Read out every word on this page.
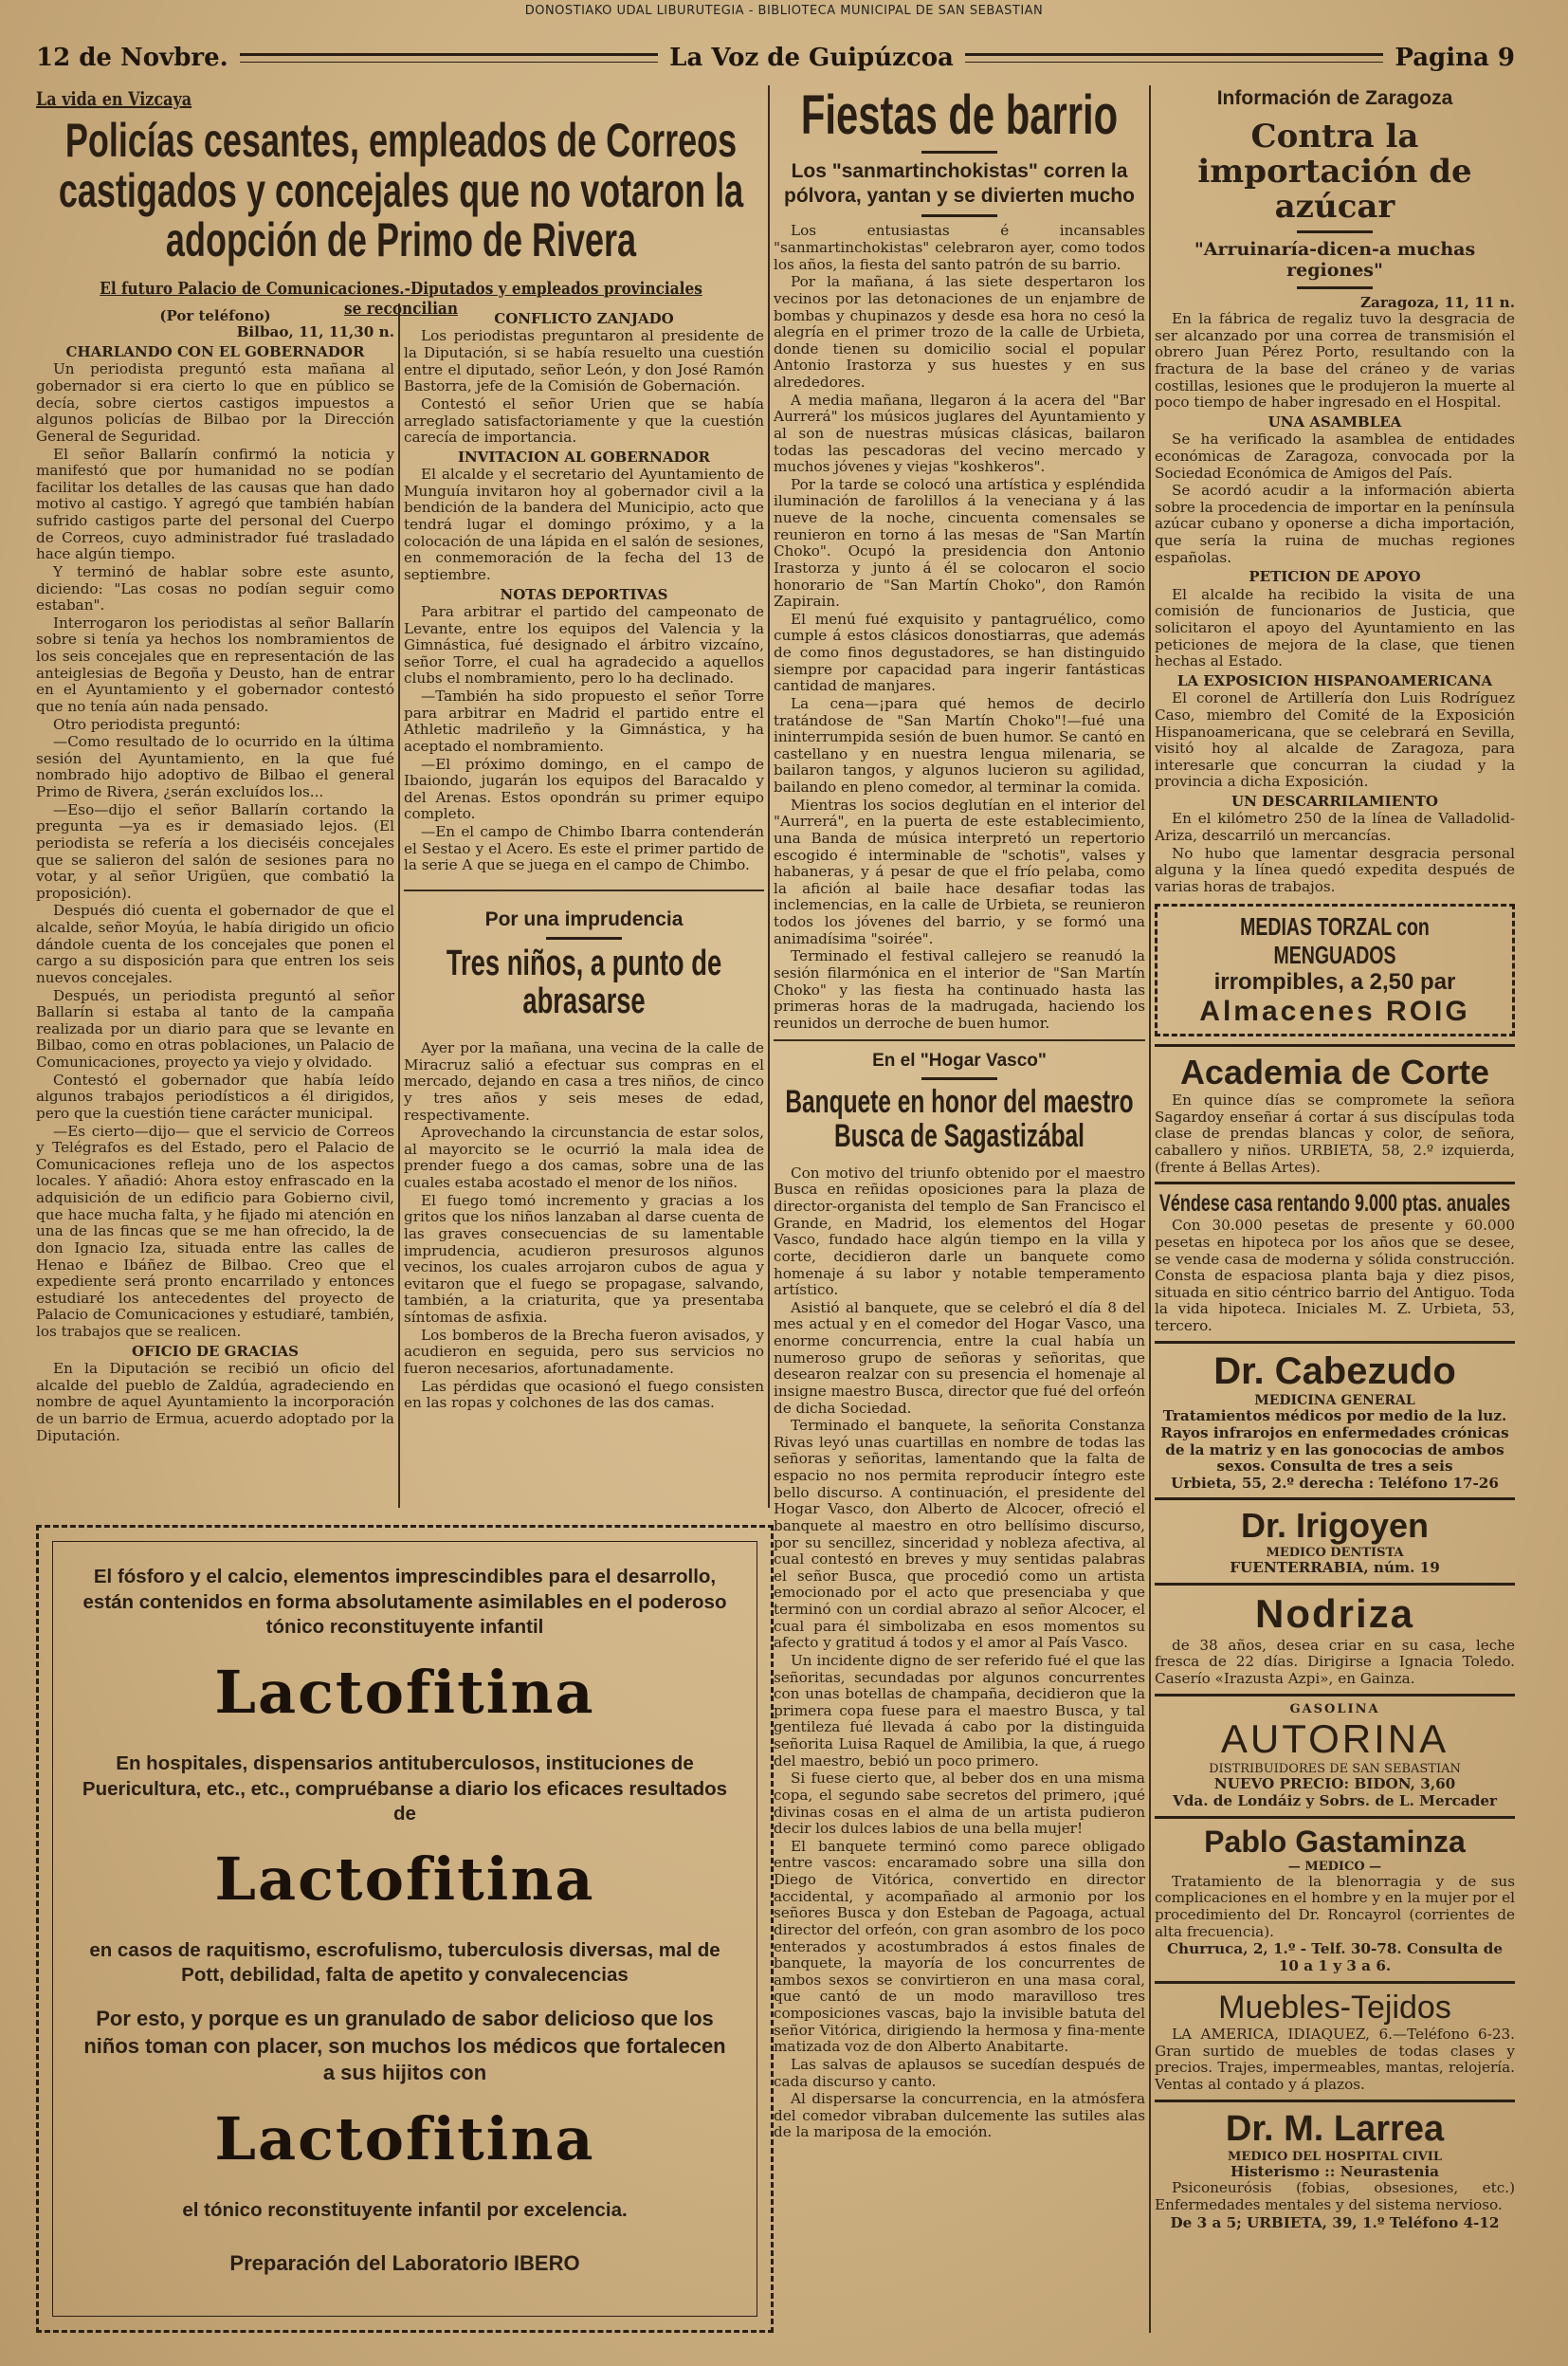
DONOSTIAKO UDAL LIBURUTEGIA - BIBLIOTECA MUNICIPAL DE SAN SEBASTIAN
12 de Novbre.	La Voz de Guipúzcoa	Pagina 9
La vida en Vizcaya
Policías cesantes, empleados de Correos castigados y concejales que no votaron la adopción de Primo de Rivera
El futuro Palacio de Comunicaciones.-Diputados y empleados provinciales se reconcilian
(Por teléfono)
Bilbao, 11, 11,30 n.
CHARLANDO CON EL GOBERNADOR

Un periodista preguntó esta mañana al gobernador si era cierto lo que en público se decía, sobre ciertos castigos impuestos a algunos policías de Bilbao por la Dirección General de Seguridad.

El señor Ballarín confirmó la noticia y manifestó que por humanidad no se podían facilitar los detalles de las causas que han dado motivo al castigo. Y agregó que también habían sufrido castigos parte del personal del Cuerpo de Correos, cuyo administrador fué trasladado hace algún tiempo.

Y terminó de hablar sobre este asunto, diciendo: "Las cosas no podían seguir como estaban".

Interrogaron los periodistas al señor Ballarín sobre si tenía ya hechos los nombramientos de los seis concejales que en representación de las anteiglesias de Begoña y Deusto, han de entrar en el Ayuntamiento y el gobernador contestó que no tenía aún nada pensado.

Otro periodista preguntó:

—Como resultado de lo ocurrido en la última sesión del Ayuntamiento, en la que fué nombrado hijo adoptivo de Bilbao el general Primo de Rivera, ¿serán excluídos los...

—Eso—dijo el señor Ballarín cortando la pregunta —ya es ir demasiado lejos. (El periodista se refería a los dieciséis concejales que se salieron del salón de sesiones para no votar, y al señor Urigüen, que combatió la proposición).

Después dió cuenta el gobernador de que el alcalde, señor Moyúa, le había dirigido un oficio dándole cuenta de los concejales que ponen el cargo a su disposición para que entren los seis nuevos concejales.

Después, un periodista preguntó al señor Ballarín si estaba al tanto de la campaña realizada por un diario para que se levante en Bilbao, como en otras poblaciones, un Palacio de Comunicaciones, proyecto ya viejo y olvidado.

Contestó el gobernador que había leído algunos trabajos periodísticos a él dirigidos, pero que la cuestión tiene carácter municipal.

—Es cierto—dijo— que el servicio de Correos y Telégrafos es del Estado, pero el Palacio de Comunicaciones refleja uno de los aspectos locales. Y añadió: Ahora estoy enfrascado en la adquisición de un edificio para Gobierno civil, que hace mucha falta, y he fijado mi atención en una de las fincas que se me han ofrecido, la de don Ignacio Iza, situada entre las calles de Henao e Ibáñez de Bilbao. Creo que el expediente será pronto encarrilado y entonces estudiaré los antecedentes del proyecto de Palacio de Comunicaciones y estudiaré, también, los trabajos que se realicen.

OFICIO DE GRACIAS

En la Diputación se recibió un oficio del alcalde del pueblo de Zaldúa, agradeciendo en nombre de aquel Ayuntamiento la incorporación de un barrio de Ermua, acuerdo adoptado por la Diputación.

CONFLICTO ZANJADO

Los periodistas preguntaron al presidente de la Diputación, si se había resuelto una cuestión entre el diputado, señor León, y don José Ramón Bastorra, jefe de la Comisión de Gobernación.

Contestó el señor Urien que se había arreglado satisfactoriamente y que la cuestión carecía de importancia.

INVITACION AL GOBERNADOR

El alcalde y el secretario del Ayuntamiento de Munguía invitaron hoy al gobernador civil a la bendición de la bandera del Municipio, acto que tendrá lugar el domingo próximo, y a la colocación de una lápida en el salón de sesiones, en conmemoración de la fecha del 13 de septiembre.

NOTAS DEPORTIVAS

Para arbitrar el partido del campeonato de Levante, entre los equipos del Valencia y la Gimnástica, fué designado el árbitro vizcaíno, señor Torre, el cual ha agradecido a aquellos clubs el nombramiento, pero lo ha declinado.

—También ha sido propuesto el señor Torre para arbitrar en Madrid el partido entre el Athletic madrileño y la Gimnástica, y ha aceptado el nombramiento.

—El próximo domingo, en el campo de Ibaiondo, jugarán los equipos del Baracaldo y del Arenas. Estos opondrán su primer equipo completo.

—En el campo de Chimbo Ibarra contenderán el Sestao y el Acero. Es este el primer partido de la serie A que se juega en el campo de Chimbo.

Por una imprudencia
Tres niños, a punto de abrasarse

Ayer por la mañana, una vecina de la calle de Miracruz salió a efectuar sus compras en el mercado, dejando en casa a tres niños, de cinco y tres años y seis meses de edad, respectivamente.

Aprovechando la circunstancia de estar solos, al mayorcito se le ocurrió la mala idea de prender fuego a dos camas, sobre una de las cuales estaba acostado el menor de los niños.

El fuego tomó incremento y gracias a los gritos que los niños lanzaban al darse cuenta de las graves consecuencias de su lamentable imprudencia, acudieron presurosos algunos vecinos, los cuales arrojaron cubos de agua y evitaron que el fuego se propagase, salvando, también, a la criaturita, que ya presentaba síntomas de asfixia.

Los bomberos de la Brecha fueron avisados, y acudieron en seguida, pero sus servicios no fueron necesarios, afortunadamente.

Las pérdidas que ocasionó el fuego consisten en las ropas y colchones de las dos camas.

El fósforo y el calcio, elementos imprescindibles para el desarrollo, están contenidos en forma absolutamente asimilables en el poderoso tónico reconstituyente infantil

Lactofitina

En hospitales, dispensarios antituberculosos, instituciones de Puericultura, etc., etc., compruébanse a diario los eficaces resultados de

Lactofitina

en casos de raquitismo, escrofulismo, tuberculosis diversas, mal de Pott, debilidad, falta de apetito y convalecencias

Por esto, y porque es un granulado de sabor delicioso que los niños toman con placer, son muchos los médicos que fortalecen a sus hijitos con

Lactofitina

el tónico reconstituyente infantil por excelencia.

Preparación del Laboratorio IBERO

Fiestas de barrio
Los "sanmartinchokistas" corren la pólvora, yantan y se divierten mucho

Los entusiastas é incansables "sanmartinchokistas" celebraron ayer, como todos los años, la fiesta del santo patrón de su barrio.

Por la mañana, á las siete despertaron los vecinos por las detonaciones de un enjambre de bombas y chupinazos y desde esa hora no cesó la alegría en el primer trozo de la calle de Urbieta, donde tienen su domicilio social el popular Antonio Irastorza y sus huestes y en sus alrededores.

A media mañana, llegaron á la acera del "Bar Aurrerá" los músicos juglares del Ayuntamiento y al son de nuestras músicas clásicas, bailaron todas las pescadoras del vecino mercado y muchos jóvenes y viejas "koshkeros".

Por la tarde se colocó una artística y espléndida iluminación de farolillos á la veneciana y á las nueve de la noche, cincuenta comensales se reunieron en torno á las mesas de "San Martín Choko". Ocupó la presidencia don Antonio Irastorza y junto á él se colocaron el socio honorario de "San Martín Choko", don Ramón Zapirain.

El menú fué exquisito y pantagruélico, como cumple á estos clásicos donostiarras, que además de como finos degustadores, se han distinguido siempre por capacidad para ingerir fantásticas cantidad de manjares.

La cena—¡para qué hemos de decirlo tratándose de "San Martín Choko"!—fué una ininterrumpida sesión de buen humor. Se cantó en castellano y en nuestra lengua milenaria, se bailaron tangos, y algunos lucieron su agilidad, bailando en pleno comedor, al terminar la comida.

Mientras los socios deglutían en el interior del "Aurrerá", en la puerta de este establecimiento, una Banda de música interpretó un repertorio escogido é interminable de "schotis", valses y habaneras, y á pesar de que el frío pelaba, como la afición al baile hace desafiar todas las inclemencias, en la calle de Urbieta, se reunieron todos los jóvenes del barrio, y se formó una animadísima "soirée".

Terminado el festival callejero se reanudó la sesión filarmónica en el interior de "San Martín Choko" y las fiesta ha continuado hasta las primeras horas de la madrugada, haciendo los reunidos un derroche de buen humor.

En el "Hogar Vasco"
Banquete en honor del maestro Busca de Sagastizábal

Con motivo del triunfo obtenido por el maestro Busca en reñidas oposiciones para la plaza de director-organista del templo de San Francisco el Grande, en Madrid, los elementos del Hogar Vasco, fundado hace algún tiempo en la villa y corte, decidieron darle un banquete como homenaje á su labor y notable temperamento artístico.

Asistió al banquete, que se celebró el día 8 del mes actual y en el comedor del Hogar Vasco, una enorme concurrencia, entre la cual había un numeroso grupo de señoras y señoritas, que desearon realzar con su presencia el homenaje al insigne maestro Busca, director que fué del orfeón de dicha Sociedad.

Terminado el banquete, la señorita Constanza Rivas leyó unas cuartillas en nombre de todas las señoras y señoritas, lamentando que la falta de espacio no nos permita reproducir íntegro este bello discurso. A continuación, el presidente del Hogar Vasco, don Alberto de Alcocer, ofreció el banquete al maestro en otro bellísimo discurso, por su sencillez, sinceridad y nobleza afectiva, al cual contestó en breves y muy sentidas palabras el señor Busca, que procedió como un artista emocionado por el acto que presenciaba y que terminó con un cordial abrazo al señor Alcocer, el cual para él simbolizaba en esos momentos su afecto y gratitud á todos y el amor al País Vasco.

Un incidente digno de ser referido fué el que las señoritas, secundadas por algunos concurrentes con unas botellas de champaña, decidieron que la primera copa fuese para el maestro Busca, y tal gentileza fué llevada á cabo por la distinguida señorita Luisa Raquel de Amilibia, la que, á ruego del maestro, bebió un poco primero.

Si fuese cierto que, al beber dos en una misma copa, el segundo sabe secretos del primero, ¡qué divinas cosas en el alma de un artista pudieron decir los dulces labios de una bella mujer!

El banquete terminó como parece obligado entre vascos: encaramado sobre una silla don Diego de Vitórica, convertido en director accidental, y acompañado al armonio por los señores Busca y don Esteban de Pagoaga, actual director del orfeón, con gran asombro de los poco enterados y acostumbrados á estos finales de banquete, la mayoría de los concurrentes de ambos sexos se convirtieron en una masa coral, que cantó de un modo maravilloso tres composiciones vascas, bajo la invisible batuta del señor Vitórica, dirigiendo la hermosa y fina-mente matizada voz de don Alberto Anabitarte.

Las salvas de aplausos se sucedían después de cada discurso y canto.

Al dispersarse la concurrencia, en la atmósfera del comedor vibraban dulcemente las sutiles alas de la mariposa de la emoción.

Información de Zaragoza
Contra la importación de azúcar
"Arruinaría-dicen-a muchas regiones"
Zaragoza, 11, 11 n.

En la fábrica de regaliz tuvo la desgracia de ser alcanzado por una correa de transmisión el obrero Juan Pérez Porto, resultando con la fractura de la base del cráneo y de varias costillas, lesiones que le produjeron la muerte al poco tiempo de haber ingresado en el Hospital.

UNA ASAMBLEA

Se ha verificado la asamblea de entidades económicas de Zaragoza, convocada por la Sociedad Económica de Amigos del País.

Se acordó acudir a la información abierta sobre la procedencia de importar en la península azúcar cubano y oponerse a dicha importación, que sería la ruina de muchas regiones españolas.

PETICION DE APOYO

El alcalde ha recibido la visita de una comisión de funcionarios de Justicia, que solicitaron el apoyo del Ayuntamiento en las peticiones de mejora de la clase, que tienen hechas al Estado.

LA EXPOSICION HISPANOAMERICANA

El coronel de Artillería don Luis Rodríguez Caso, miembro del Comité de la Exposición Hispanoamericana, que se celebrará en Sevilla, visitó hoy al alcalde de Zaragoza, para interesarle que concurran la ciudad y la provincia a dicha Exposición.

UN DESCARRILAMIENTO

En el kilómetro 250 de la línea de Valladolid-Ariza, descarriló un mercancías.

No hubo que lamentar desgracia personal alguna y la línea quedó expedita después de varias horas de trabajos.

MEDIAS TORZAL con MENGUADOS
irrompibles, a 2,50 par
Almacenes ROIG
Academia de Corte

En quince días se compromete la señora Sagardoy enseñar á cortar á sus discípulas toda clase de prendas blancas y color, de señora, caballero y niños. URBIETA, 58, 2.º izquierda, (frente á Bellas Artes).

Véndese casa rentando 9.000 ptas. anuales

Con 30.000 pesetas de presente y 60.000 pesetas en hipoteca por los años que se desee, se vende casa de moderna y sólida construcción. Consta de espaciosa planta baja y diez pisos, situada en sitio céntrico barrio del Antiguo. Toda la vida hipoteca. Iniciales M. Z. Urbieta, 53, tercero.

Dr. Cabezudo
MEDICINA GENERAL
Tratamientos médicos por medio de la luz. Rayos infrarojos en enfermedades crónicas de la matriz y en las gonococias de ambos sexos. Consulta de tres a seis
Urbieta, 55, 2.º derecha : Teléfono 17-26
Dr. Irigoyen
MEDICO DENTISTA
FUENTERRABIA, núm. 19
Nodriza

de 38 años, desea criar en su casa, leche fresca de 22 días. Dirigirse a Ignacia Toledo. Caserío «Irazusta Azpi», en Gainza.

GASOLINA
AUTORINA
DISTRIBUIDORES DE SAN SEBASTIAN
NUEVO PRECIO: BIDON, 3,60
Vda. de Londáiz y Sobrs. de L. Mercader
Pablo Gastaminza
— MEDICO —

Tratamiento de la blenorragia y de sus complicaciones en el hombre y en la mujer por el procedimiento del Dr. Roncayrol (corrientes de alta frecuencia).

Churruca, 2, 1.º - Telf. 30-78. Consulta de 10 a 1 y 3 a 6.
Muebles-Tejidos

LA AMERICA, IDIAQUEZ, 6.—Teléfono 6-23. Gran surtido de muebles de todas clases y precios. Trajes, impermeables, mantas, relojería. Ventas al contado y á plazos.

Dr. M. Larrea
MEDICO DEL HOSPITAL CIVIL
Histerismo :: Neurastenia

Psiconeurósis (fobias, obsesiones, etc.) Enfermedades mentales y del sistema nervioso.

De 3 a 5; URBIETA, 39, 1.º Teléfono 4-12
